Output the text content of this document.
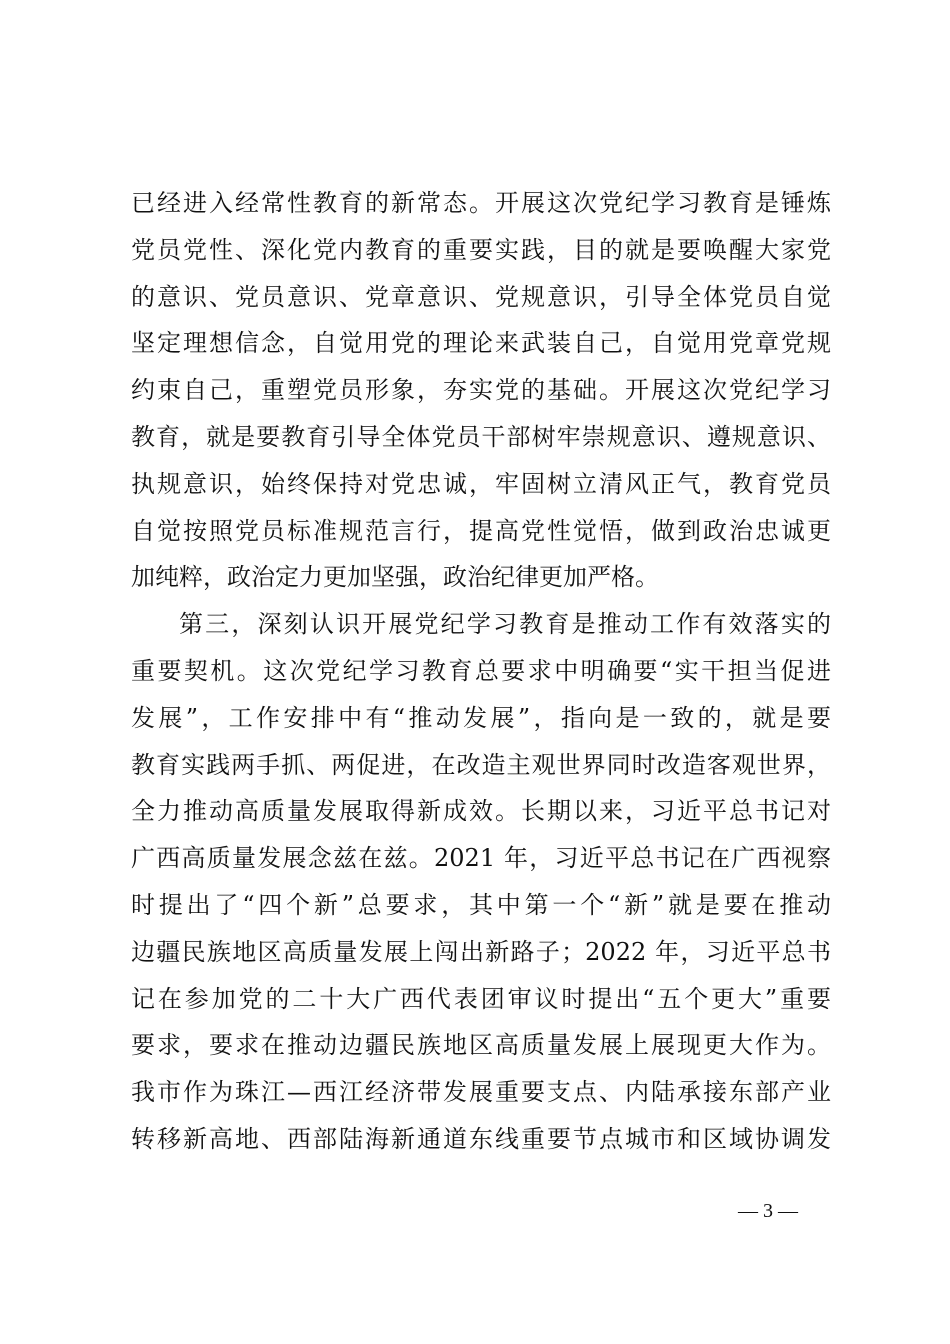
已经进入经常性教育的新常态。开展这次党纪学习教育是锤炼
党员党性、深化党内教育的重要实践，目的就是要唤醒大家党
的意识、党员意识、党章意识、党规意识，引导全体党员自觉
坚定理想信念，自觉用党的理论来武装自己，自觉用党章党规
约束自己，重塑党员形象，夯实党的基础。开展这次党纪学习
教育，就是要教育引导全体党员干部树牢崇规意识、遵规意识、
执规意识，始终保持对党忠诚，牢固树立清风正气，教育党员
自觉按照党员标准规范言行，提高党性觉悟，做到政治忠诚更
加纯粹，政治定力更加坚强，政治纪律更加严格。
第三，深刻认识开展党纪学习教育是推动工作有效落实的
重要契机。这次党纪学习教育总要求中明确要“实干担当促进
发展”，工作安排中有“推动发展”，指向是一致的，就是要
教育实践两手抓、两促进，在改造主观世界同时改造客观世界，
全力推动高质量发展取得新成效。长期以来，习近平总书记对
广西高质量发展念兹在兹。2021 年，习近平总书记在广西视察
时提出了“四个新”总要求，其中第一个“新”就是要在推动
边疆民族地区高质量发展上闯出新路子；2022 年，习近平总书
记在参加党的二十大广西代表团审议时提出“五个更大”重要
要求，要求在推动边疆民族地区高质量发展上展现更大作为。
我市作为珠江—西江经济带发展重要支点、内陆承接东部产业
转移新高地、西部陆海新通道东线重要节点城市和区域协调发
— 3 —
